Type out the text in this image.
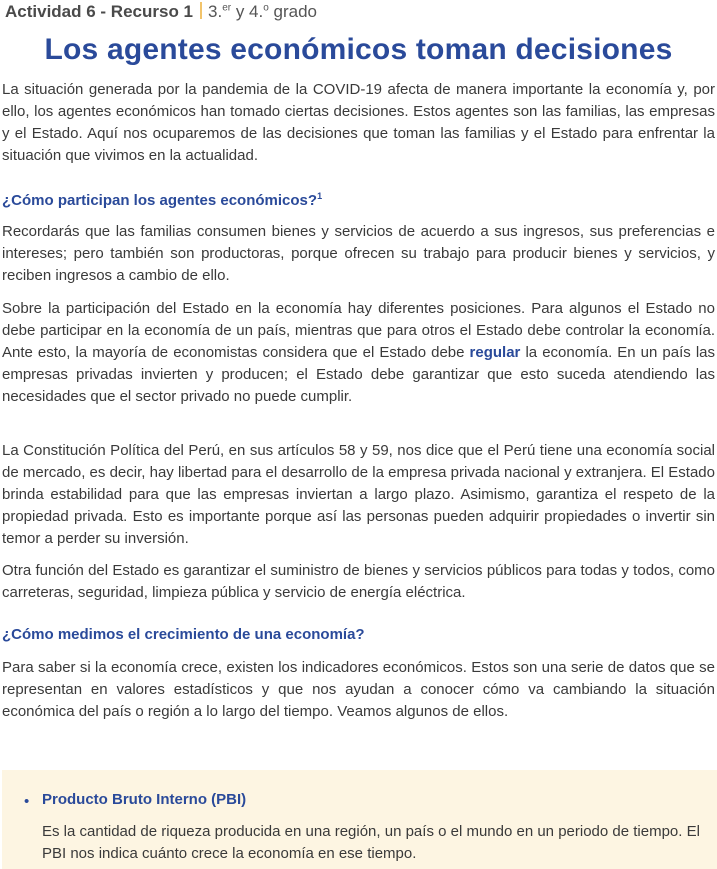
Actividad 6 - Recurso 1 3.$^{er}$ y 4.$^o$ grado
Los agentes económicos toman decisiones

La situación generada por la pandemia de la COVID-19 afecta de manera importante la economía y, por ello, los agentes económicos han tomado ciertas decisiones. Estos agentes son las familias, las empresas y el Estado. Aquí nos ocuparemos de las decisiones que toman las familias y el Estado para enfrentar la situación que vivimos en la actualidad.

¿Cómo participan los agentes económicos?$^1$

Recordarás que las familias consumen bienes y servicios de acuerdo a sus ingresos, sus preferencias e intereses; pero también son productoras, porque ofrecen su trabajo para producir bienes y servicios, y reciben ingresos a cambio de ello.

Sobre la participación del Estado en la economía hay diferentes posiciones. Para algunos el Estado no debe participar en la economía de un país, mientras que para otros el Estado debe controlar la economía. Ante esto, la mayoría de economistas considera que el Estado debe regular la economía. En un país las empresas privadas invierten y producen; el Estado debe garantizar que esto suceda atendiendo las necesidades que el sector privado no puede cumplir.

La Constitución Política del Perú, en sus artículos 58 y 59, nos dice que el Perú tiene una economía social de mercado, es decir, hay libertad para el desarrollo de la empresa privada nacional y extranjera. El Estado brinda estabilidad para que las empresas inviertan a largo plazo. Asimismo, garantiza el respeto de la propiedad privada. Esto es importante porque así las personas pueden adquirir propiedades o invertir sin temor a perder su inversión.

Otra función del Estado es garantizar el suministro de bienes y servicios públicos para todas y todos, como carreteras, seguridad, limpieza pública y servicio de energía eléctrica.

¿Cómo medimos el crecimiento de una economía?

Para saber si la economía crece, existen los indicadores económicos. Estos son una serie de datos que se representan en valores estadísticos y que nos ayudan a conocer cómo va cambiando la situación económica del país o región a lo largo del tiempo. Veamos algunos de ellos.

• Producto Bruto Interno (PBI)
Es la cantidad de riqueza producida en una región, un país o el mundo en un periodo de tiempo. El PBI nos indica cuánto crece la economía en ese tiempo.
